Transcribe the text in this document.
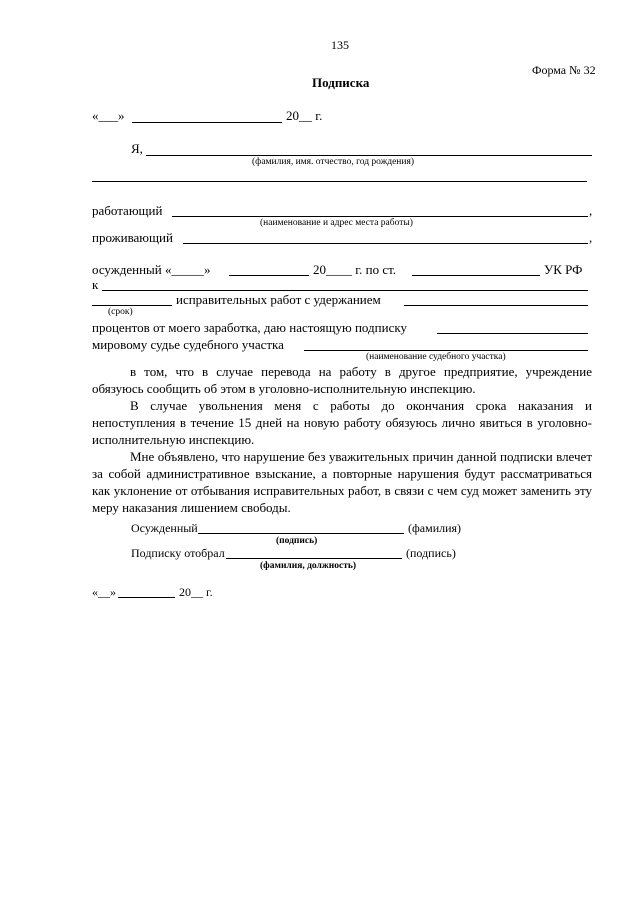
135
Форма № 32
Подписка
«___»	20__ г.
Я,
(фамилия, имя. отчество, год рождения)
работающий	,
(наименование и адрес места работы)
проживающий	,
осужденный «_____»	20____ г. по ст.	УК РФ
к
исправительных работ с удержанием
(срок)
процентов от моего заработка, даю настоящую подписку
мировому судье судебного участка
(наименование судебного участка)

в том, что в случае перевода на работу в другое предприятие, учреждение

обязуюсь сообщить об этом в уголовно-исполнительную инспекцию.

В случае увольнения меня с работы до окончания срока наказания и непоступления в течение 15 дней на новую работу обязуюсь лично явиться в уголовно-исполнительную инспекцию.

Мне объявлено, что нарушение без уважительных причин данной подписки влечет за собой административное взыскание, а повторные нарушения будут рассматриваться как уклонение от отбывания исправительных работ, в связи с чем суд может заменить эту меру наказания лишением свободы.

Осужденный	(фамилия)
(подпись)
Подписку отобрал	(подпись)
(фамилия, должность)
«__»	20__ г.
